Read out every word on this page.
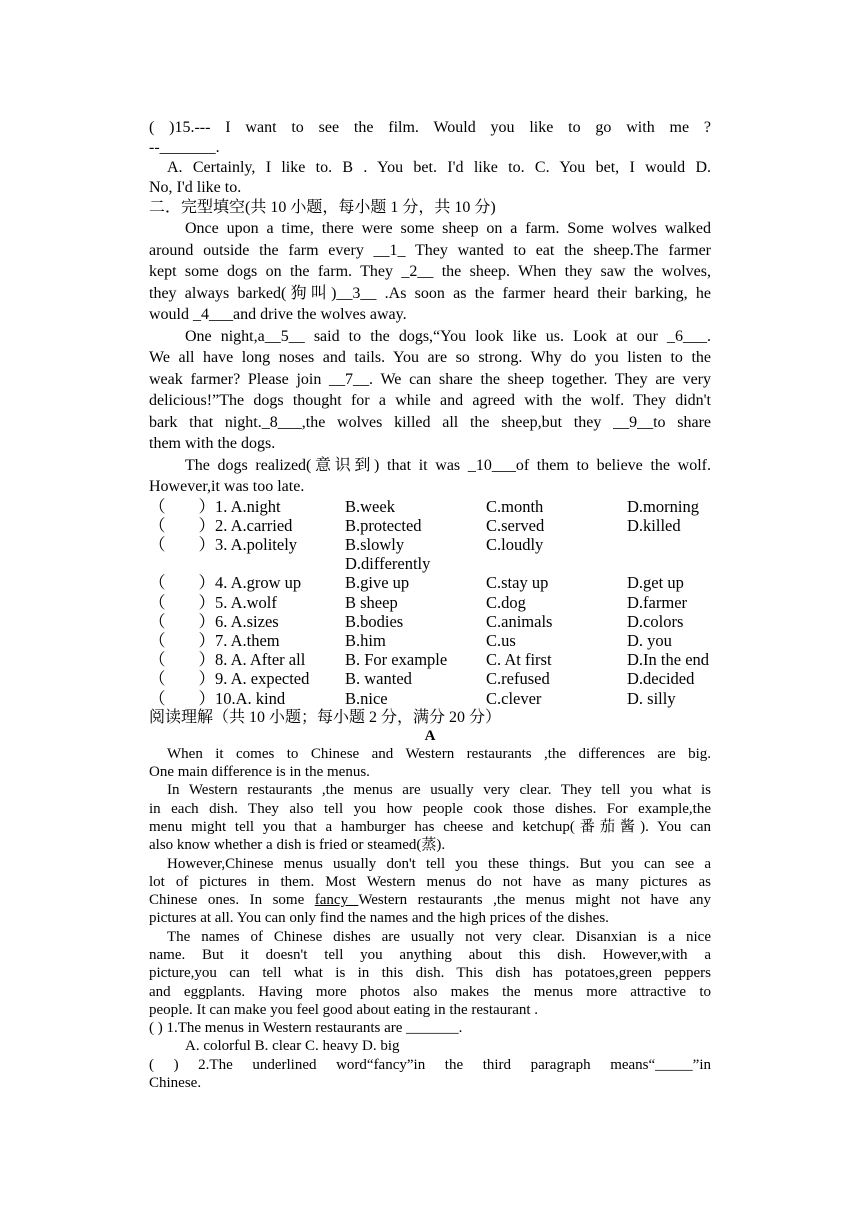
( )15.--- I want to see the film. Would you like to go with me ?
--_______.
A. Certainly, I like to. B . You bet. I'd like to. C. You bet, I would D.
No, I'd like to.
二．完型填空(共 10 小题，每小题 1 分，共 10 分)
Once upon a time, there were some sheep on a farm. Some wolves walked
around outside the farm every __1_ They wanted to eat the sheep.The farmer
kept some dogs on the farm. They _2__ the sheep. When they saw the wolves,
they always barked(狗叫)__3__ .As soon as the farmer heard their barking, he
would _4___and drive the wolves away.
One night,a__5__ said to the dogs,“You look like us. Look at our _6___.
We all have long noses and tails. You are so strong. Why do you listen to the
weak farmer? Please join __7__. We can share the sheep together. They are very
delicious!”The dogs thought for a while and agreed with the wolf. They didn't
bark that night._8___,the wolves killed all the sheep,but they __9__to share
them with the dogs.
The dogs realized(意识到) that it was _10___of them to believe the wolf.
However,it was too late.
（　　）	1. A.night	B.week	C.month	D.morning
（　　）	2. A.carried	B.protected	C.served	D.killed
（　　）	3. A.politely	B.slowly	C.loudly	
		D.differently		
（　　）	4. A.grow up	B.give up	C.stay up	D.get up
（　　）	5. A.wolf	B sheep	C.dog	D.farmer
（　　）	6. A.sizes	B.bodies	C.animals	D.colors
（　　）	7. A.them	B.him	C.us	D. you
（　　）	8. A. After all	B. For example	C. At first	D.In the end
（　　）	9. A. expected	B. wanted	C.refused	D.decided
（　　）	10.A. kind	B.nice	C.clever	D. silly
阅读理解（共 10 小题；每小题 2 分，满分 20 分）
A
When it comes to Chinese and Western restaurants ,the differences are big.
One main difference is in the menus.
In Western restaurants ,the menus are usually very clear. They tell you what is
in each dish. They also tell you how people cook those dishes. For example,the
menu might tell you that a hamburger has cheese and ketchup(番茄酱). You can
also know whether a dish is fried or steamed(蒸).
However,Chinese menus usually don't tell you these things. But you can see a
lot of pictures in them. Most Western menus do not have as many pictures as
Chinese ones. In some fancy Western restaurants ,the menus might not have any
pictures at all. You can only find the names and the high prices of the dishes.
The names of Chinese dishes are usually not very clear. Disanxian is a nice
name. But it doesn't tell you anything about this dish. However,with a
picture,you can tell what is in this dish. This dish has potatoes,green peppers
and eggplants. Having more photos also makes the menus more attractive to
people. It can make you feel good about eating in the restaurant .
( ) 1.The menus in Western restaurants are _______.
A. colorful B. clear C. heavy D. big
( ) 2.The underlined word“fancy”in the third paragraph means“_____”in
Chinese.
